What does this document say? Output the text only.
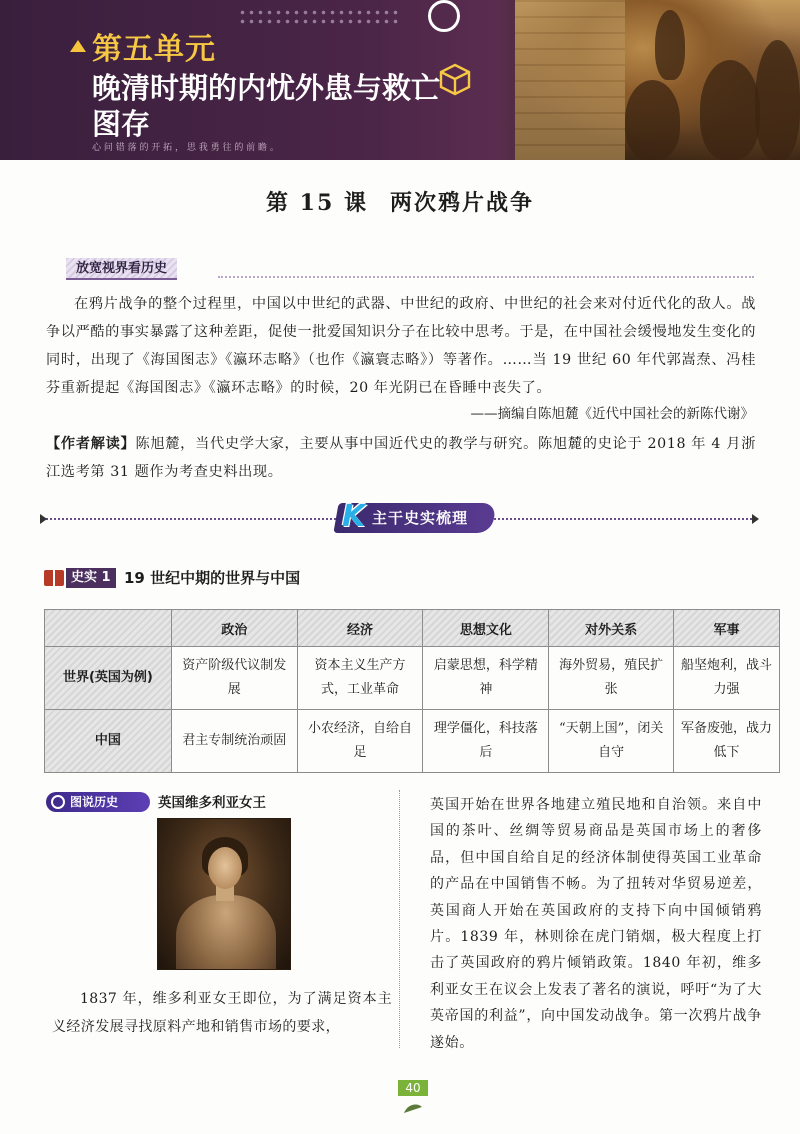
第五单元
晚清时期的内忧外患与救亡图存
心 问 错 落 的 开 拓 ， 思 我 勇 往 的 前 瞻 。
第 15 课 两次鸦片战争
放宽视界看历史

在鸦片战争的整个过程里，中国以中世纪的武器、中世纪的政府、中世纪的社会来对付近代化的敌人。战争以严酷的事实暴露了这种差距，促使一批爱国知识分子在比较中思考。于是，在中国社会缓慢地发生变化的同时，出现了《海国图志》《瀛环志略》（也作《瀛寰志略》）等著作。……当 19 世纪 60 年代郭嵩焘、冯桂芬重新提起《海国图志》《瀛环志略》的时候，20 年光阴已在昏睡中丧失了。

——摘编自陈旭麓《近代中国社会的新陈代谢》

【作者解读】陈旭麓，当代史学大家，主要从事中国近代史的教学与研究。陈旭麓的史论于 2018 年 4 月浙江选考第 31 题作为考查史料出现。

K 主干史实梳理
史实 1 19 世纪中期的世界与中国
	政治	经济	思想文化	对外关系	军事
世界(英国为例)	资产阶级代议制发展	资本主义生产方式，工业革命	启蒙思想，科学精神	海外贸易，殖民扩张	船坚炮利，战斗力强
中国	君主专制统治顽固	小农经济，自给自足	理学僵化，科技落后	“天朝上国”，闭关自守	军备废弛，战力低下
图说历史	英国维多利亚女王

1837 年，维多利亚女王即位，为了满足资本主义经济发展寻找原料产地和销售市场的要求，

英国开始在世界各地建立殖民地和自治领。来自中国的茶叶、丝绸等贸易商品是英国市场上的奢侈品，但中国自给自足的经济体制使得英国工业革命的产品在中国销售不畅。为了扭转对华贸易逆差，英国商人开始在英国政府的支持下向中国倾销鸦片。1839 年，林则徐在虎门销烟，极大程度上打击了英国政府的鸦片倾销政策。1840 年初，维多利亚女王在议会上发表了著名的演说，呼吁“为了大英帝国的利益”，向中国发动战争。第一次鸦片战争遂始。

40
